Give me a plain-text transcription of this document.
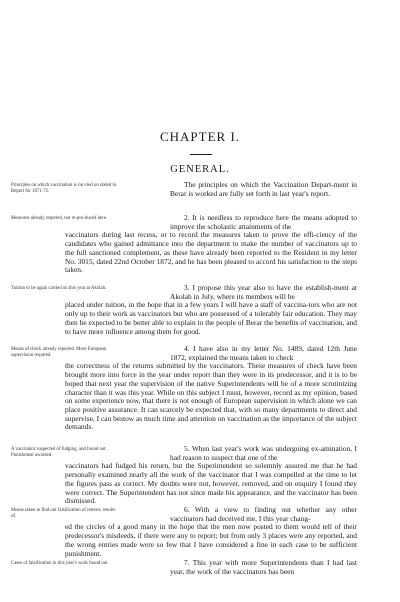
CHAPTER I.
GENERAL.
Principles on which vaccination is car-ried on stated in Report for 1871-72.
The principles on which the Vaccination Depart-ment in Berar is worked are fully set forth in last year's report.
Measures already reported, not re-pro-duced here.	2. It is needless to reproduce here the means adopted to improve the scholastic attainments of the
vaccinators during last recess, or to record the measures taken to prove the effi-ciency of the candidates who gained admittance into the department to make the number of vaccinators up to the full sanctioned complement, as these have already been reported to the Resident in my letter No. 3015, dated 22nd October 1872, and he has been pleased to accord his satisfaction to the steps taken.
Tuition to be again carried on this year at Akolah.	3. I propose this year also to have the establish-ment at Akolah in July, where its members will be
placed under tuition, in the hope that in a few years I will have a staff of vaccina-tors who are not only up to their work as vaccinators but who are possessed of a tolerably fair education. They may then be expected to be better able to explain to the people of Berar the benefits of vaccination, and to have more influence among them for good.
Means of check already reported. More European supervision required.
4. I have also in my letter No. 1489, dated 12th June 1872, explained the means taken to check
the correctness of the returns submitted by the vaccinators. These measures of check have been brought more into force in the year under report than they were in its predecessor, and it is to be hoped that next year the supervision of the native Superintendents will be of a more scrutinizing character than it was this year. While on this subject I must, however, record as my opinion, based on some experience now, that there is not enough of European supervision in which alone we can place positive assurance. It can scarcely be expected that, with so many departments to direct and supervise, I can bestow as much time and attention on vaccination as the importance of the subject demands.
A vaccinator suspected of fudging, and found out. Punishment awarded.
5. When last year's work was undergoing ex-amination, I had reason to suspect that one of the
vaccinators had fudged his return, but the Superintendent so solemnly assured me that he had personally examined nearly all the work of the vaccinator that I was compelled at the time to let the figures pass as correct. My doubts were not, however, removed, and on enquiry I found they were correct. The Superintendent has not since made his appearance, and the vaccinator has been dismissed.
Means taken to find out falsification of returns, results of.
6. With a view to finding out whether any other vaccinators had deceived me, I this year chang-
ed the circles of a good many in the hope that the men now posted to them would tell of their predecessor's misdeeds, if there were any to report; but from only 3 places were any reported, and the wrong entries made were so few that I have considered a fine in each case to be sufficient punishment.
Cases of falsification in this year's work found out.	7. This year with more Superintendents than I had last year, the work of the vaccinators has been
